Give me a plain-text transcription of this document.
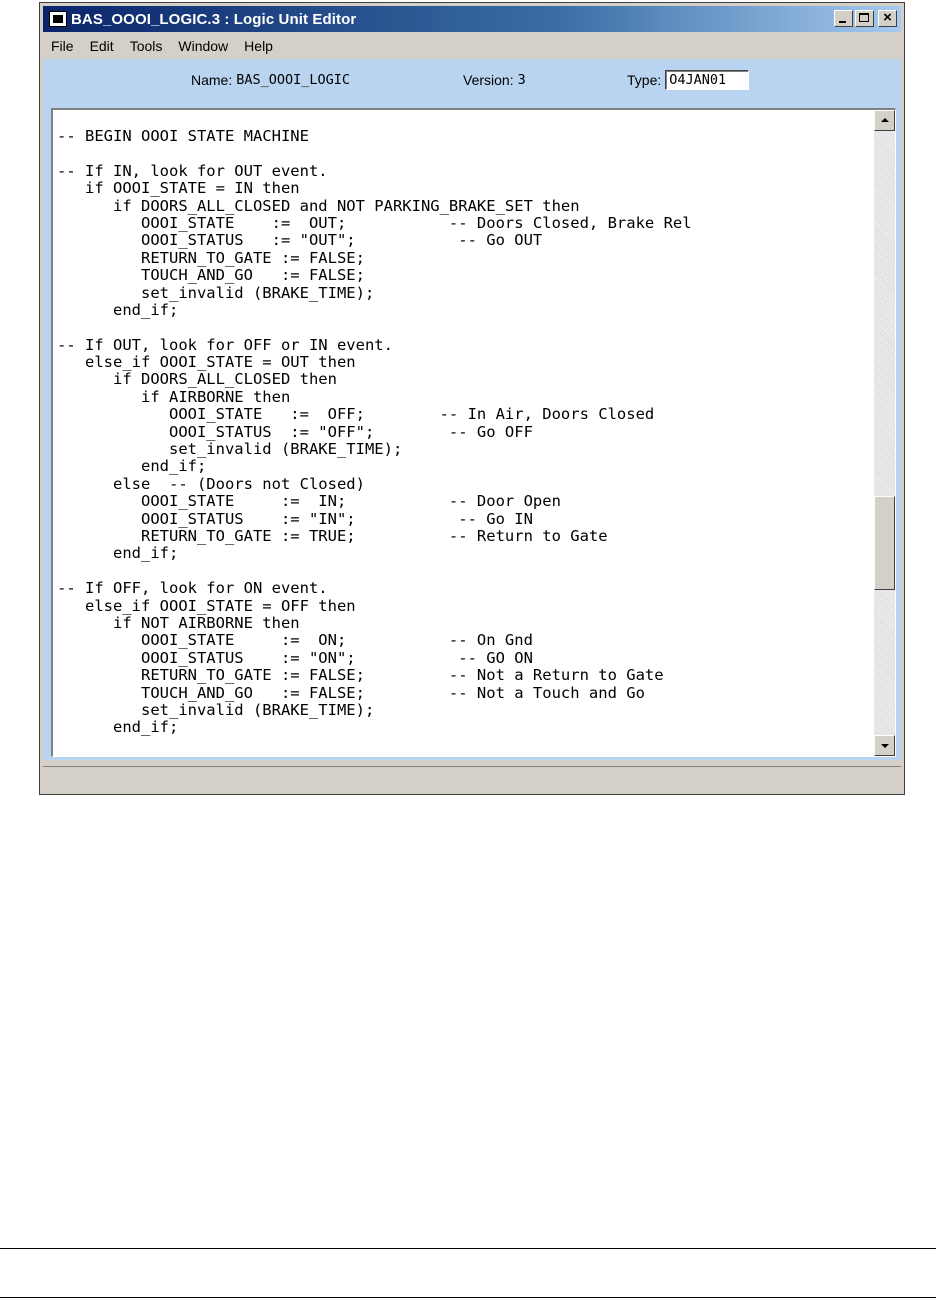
BAS_OOOI_LOGIC.3 : Logic Unit Editor	×
File	Edit	Tools	Window	Help
Name: BAS_OOOI_LOGIC	Version: 3	Type: O4JAN01
-- BEGIN OOOI STATE MACHINE
-- If IN, look for OUT event.
if OOOI_STATE = IN then
if DOORS_ALL_CLOSED and NOT PARKING_BRAKE_SET then
OOOI_STATE    :=  OUT;           -- Doors Closed, Brake Rel
OOOI_STATUS   := "OUT";           -- Go OUT
RETURN_TO_GATE := FALSE;
TOUCH_AND_GO   := FALSE;
set_invalid (BRAKE_TIME);
end_if;
-- If OUT, look for OFF or IN event.
else_if OOOI_STATE = OUT then
if DOORS_ALL_CLOSED then
if AIRBORNE then
OOOI_STATE   :=  OFF;        -- In Air, Doors Closed
OOOI_STATUS  := "OFF";        -- Go OFF
set_invalid (BRAKE_TIME);
end_if;
else  -- (Doors not Closed)
OOOI_STATE     :=  IN;           -- Door Open
OOOI_STATUS    := "IN";           -- Go IN
RETURN_TO_GATE := TRUE;          -- Return to Gate
end_if;
-- If OFF, look for ON event.
else_if OOOI_STATE = OFF then
if NOT AIRBORNE then
OOOI_STATE     :=  ON;           -- On Gnd
OOOI_STATUS    := "ON";           -- GO ON
RETURN_TO_GATE := FALSE;         -- Not a Return to Gate
TOUCH_AND_GO   := FALSE;         -- Not a Touch and Go
set_invalid (BRAKE_TIME);
end_if;
